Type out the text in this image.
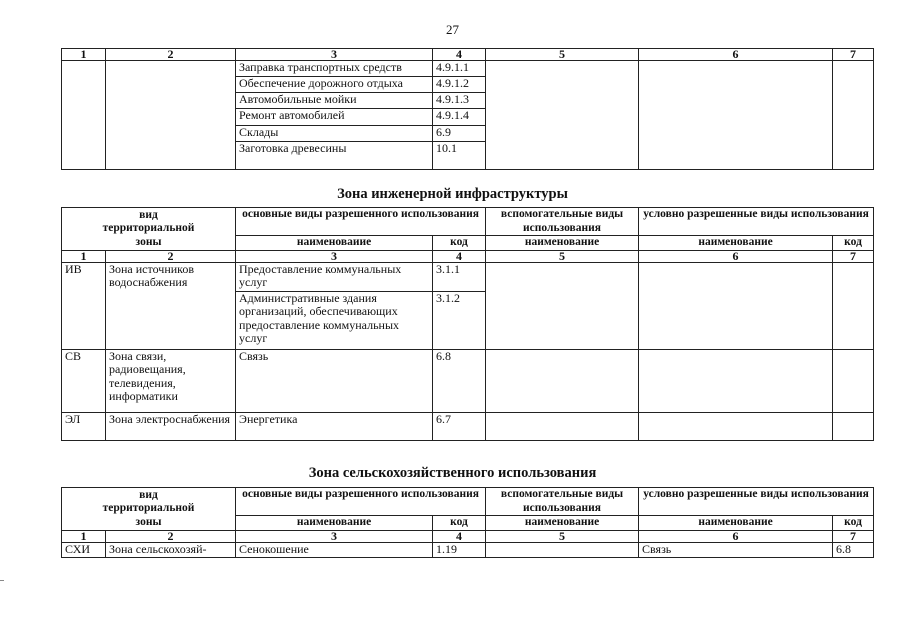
27
1	2	3	4	5	6	7
		Заправка транспортных средств	4.9.1.1			
		Обеспечение дорожного отдыха	4.9.1.2			
		Автомобильные мойки	4.9.1.3			
		Ремонт автомобилей	4.9.1.4			
		Склады	6.9			
		Заготовка древесины	10.1			
Зона инженерной инфраструктуры
вид территориальной зоны		основные виды разрешенного использования		вспомогательные виды использования	условно разрешенные виды использования	
		наименоваиие	код	наименование	наименование	код
1	2	3	4	5	6	7
ИВ	Зона источников водоснабжения	Предоставление коммунальных услуг	3.1.1			
		Административные здания организаций, обеспечивающих предоставление коммунальных услуг	3.1.2			
СВ	Зона связи, радиовещания, телевидения, информатики	Связь	6.8			
ЭЛ	Зона электроснабжения	Энергетика	6.7			
Зона сельскохозяйственного использования
вид территориальной зоны		основные виды разрешенного использования		вспомогательные виды использования	условно разрешенные виды использования	
		наименование	код	наименование	наименование	код
1	2	3	4	5	6	7
СХИ	Зона сельскохозяй-	Сенокошение	1.19		Связь	6.8
